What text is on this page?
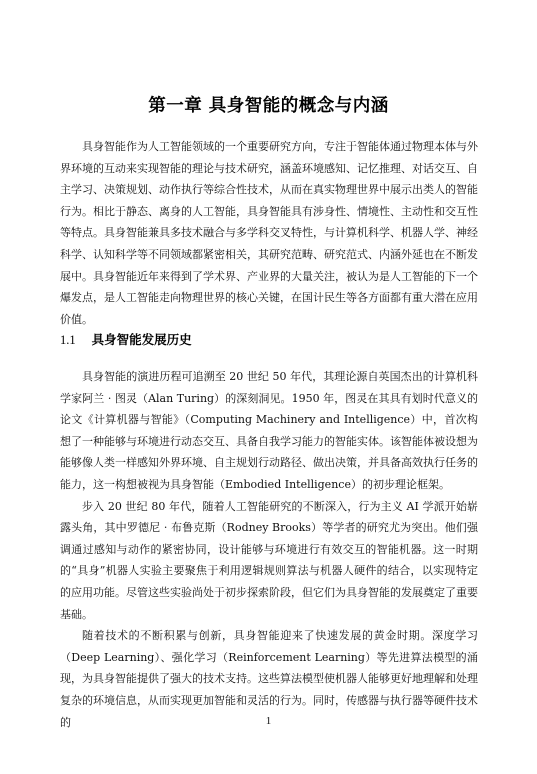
第一章 具身智能的概念与内涵

具身智能作为人工智能领域的一个重要研究方向，专注于智能体通过物理本体与外界环境的互动来实现智能的理论与技术研究，涵盖环境感知、记忆推理、对话交互、自主学习、决策规划、动作执行等综合性技术，从而在真实物理世界中展示出类人的智能行为。相比于静态、离身的人工智能，具身智能具有涉身性、情境性、主动性和交互性等特点。具身智能兼具多技术融合与多学科交叉特性，与计算机科学、机器人学、神经科学、认知科学等不同领域都紧密相关，其研究范畴、研究范式、内涵外延也在不断发展中。具身智能近年来得到了学术界、产业界的大量关注，被认为是人工智能的下一个爆发点，是人工智能走向物理世界的核心关键，在国计民生等各方面都有重大潜在应用价值。

1.1 具身智能发展历史

具身智能的演进历程可追溯至 20 世纪 50 年代，其理论源自英国杰出的计算机科学家阿兰 · 图灵（Alan Turing）的深刻洞见。1950 年，图灵在其具有划时代意义的论文《计算机器与智能》（Computing Machinery and Intelligence）中，首次构想了一种能够与环境进行动态交互、具备自我学习能力的智能实体。该智能体被设想为能够像人类一样感知外界环境、自主规划行动路径、做出决策，并具备高效执行任务的能力，这一构想被视为具身智能（Embodied Intelligence）的初步理论框架。

步入 20 世纪 80 年代，随着人工智能研究的不断深入，行为主义 AI 学派开始崭露头角，其中罗德尼 · 布鲁克斯（Rodney Brooks）等学者的研究尤为突出。他们强调通过感知与动作的紧密协同，设计能够与环境进行有效交互的智能机器。这一时期的“具身”机器人实验主要聚焦于利用逻辑规则算法与机器人硬件的结合，以实现特定的应用功能。尽管这些实验尚处于初步探索阶段，但它们为具身智能的发展奠定了重要基础。

随着技术的不断积累与创新，具身智能迎来了快速发展的黄金时期。深度学习（Deep Learning）、强化学习（Reinforcement Learning）等先进算法模型的涌现，为具身智能提供了强大的技术支持。这些算法模型使机器人能够更好地理解和处理复杂的环境信息，从而实现更加智能和灵活的行为。同时，传感器与执行器等硬件技术的	1
